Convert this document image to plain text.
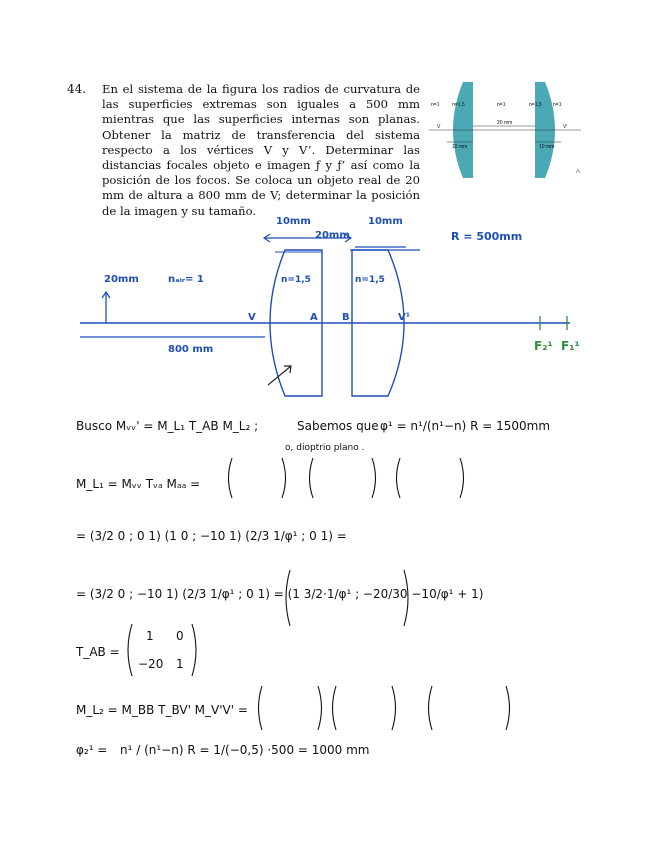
44. En el sistema de la figura los radios de curvatura de las superficies extremas son iguales a 500 mm mientras que las superficies internas son planas. Obtener la matriz de transferencia del sistema respecto a los vértices V y V’. Determinar las distancias focales objeto e imagen ƒ y ƒ’ así como la posición de los focos. Se coloca un objeto real de 20 mm de altura a 800 mm de V; determinar la posición de la imagen y su tamaño.

n=1	n=1,5	n=1	n=1,5 n=1
20 mm
V	V'
10 mm	10 mm
A
10mm	10mm
20mm	R = 500mm
20mm	nₐᵢᵣ= 1	n=1,5	n=1,5
V	A B	V¹
F₂¹ F₁¹
800 mm
Busco Mᵥᵥ' = M_L₁ T_AB M_L₂ ;	Sabemos que φ¹ = n¹/(n¹−n) R = 1500mm
o, dioptrio plano .
M_L₁ = Mᵥᵥ Tᵥₐ Mₐₐ =
= (3/2 0 ; 0 1) (1 0 ; −10 1) (2/3 1/φ¹ ; 0 1) =
= (3/2 0 ; −10 1) (2/3 1/φ¹ ; 0 1) = (1 3/2·1/φ¹ ; −20/30 −10/φ¹ + 1)
T_AB =
1 0
−20 1
M_L₂ = M_BB T_BV' M_V'V' =
φ₂¹ = n¹ / (n¹−n) R = 1/(−0,5) ·500 = 1000 mm
